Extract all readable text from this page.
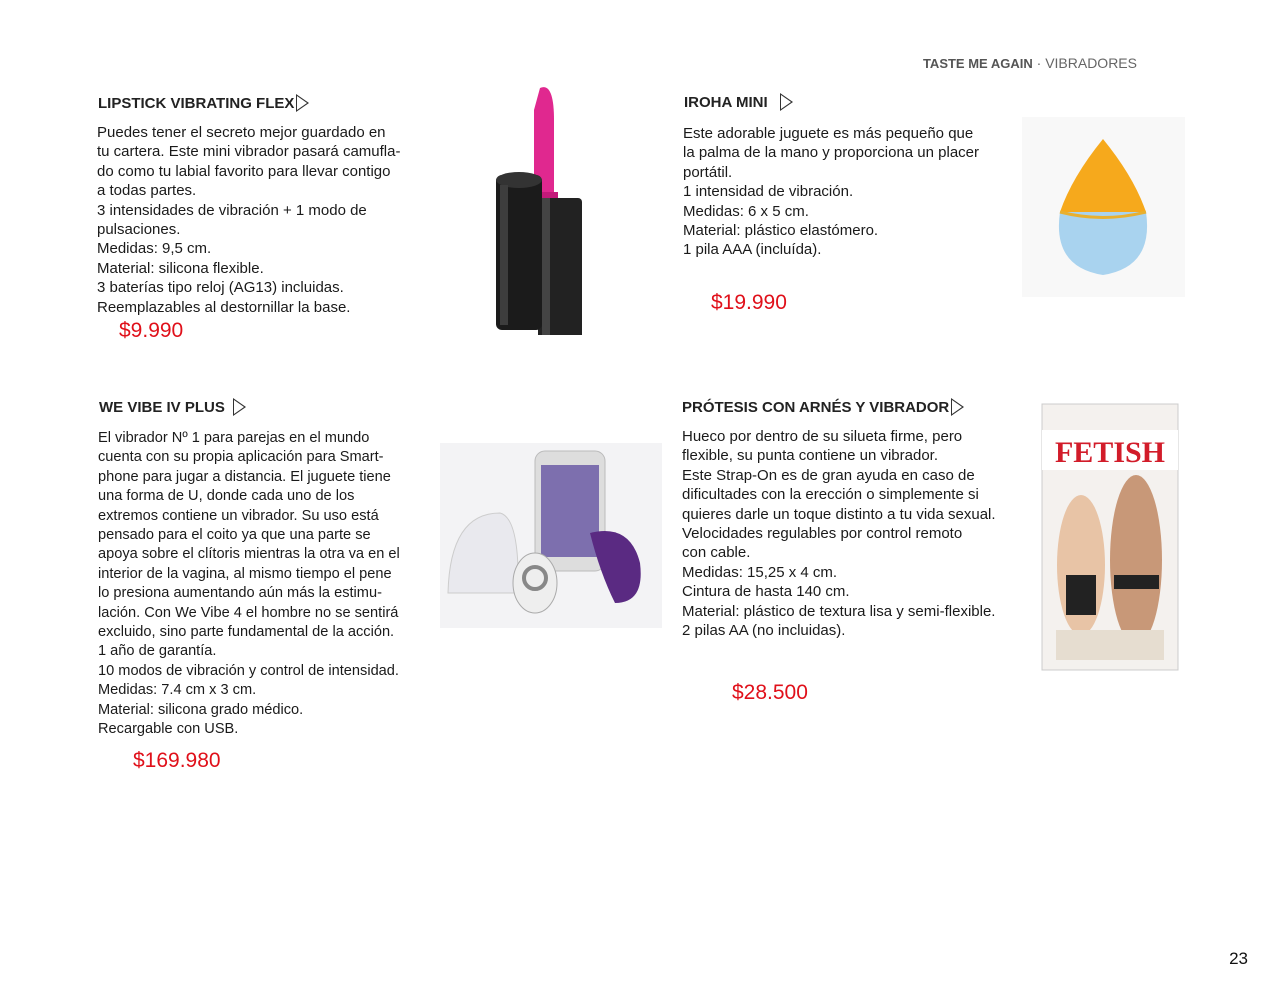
TASTE ME AGAIN · VIBRADORES
LIPSTICK VIBRATING FLEX
Puedes tener el secreto mejor guardado en
tu cartera. Este mini vibrador pasará camufla-
do como tu labial favorito para llevar contigo
a todas partes.
3 intensidades de vibración + 1 modo de
pulsaciones.
Medidas: 9,5 cm.
Material: silicona flexible.
3 baterías tipo reloj (AG13) incluidas.
Reemplazables al destornillar la base.
$9.990
IROHA MINI
Este adorable juguete es más pequeño que
la palma de la mano y proporciona un placer
portátil.
1 intensidad de vibración.
Medidas: 6 x 5 cm.
Material: plástico elastómero.
1 pila AAA (incluída).
$19.990
WE VIBE IV PLUS
El vibrador Nº 1 para parejas en el mundo
cuenta con su propia aplicación para Smart-
phone para jugar a distancia. El juguete tiene
una forma de U, donde cada uno de los
extremos contiene un vibrador. Su uso está
pensado para el coito ya que una parte se
apoya sobre el clítoris mientras la otra va en el
interior de la vagina, al mismo tiempo el pene
lo presiona aumentando aún más la estimu-
lación. Con We Vibe 4 el hombre no se sentirá
excluido, sino parte fundamental de la acción.
1 año de garantía.
10 modos de vibración y control de intensidad.
Medidas: 7.4 cm x 3 cm.
Material: silicona grado médico.
Recargable con USB.
$169.980
PRÓTESIS CON ARNÉS Y VIBRADOR
Hueco por dentro de su silueta firme, pero
flexible, su punta contiene un vibrador.
Este Strap-On es de gran ayuda en caso de
dificultades con la erección o simplemente si
quieres darle un toque distinto a tu vida sexual.
Velocidades regulables por control remoto
con cable.
Medidas: 15,25 x 4 cm.
Cintura de hasta 140 cm.
Material: plástico de textura lisa y semi-flexible.
2 pilas AA (no incluidas).
$28.500
FETISH
23
